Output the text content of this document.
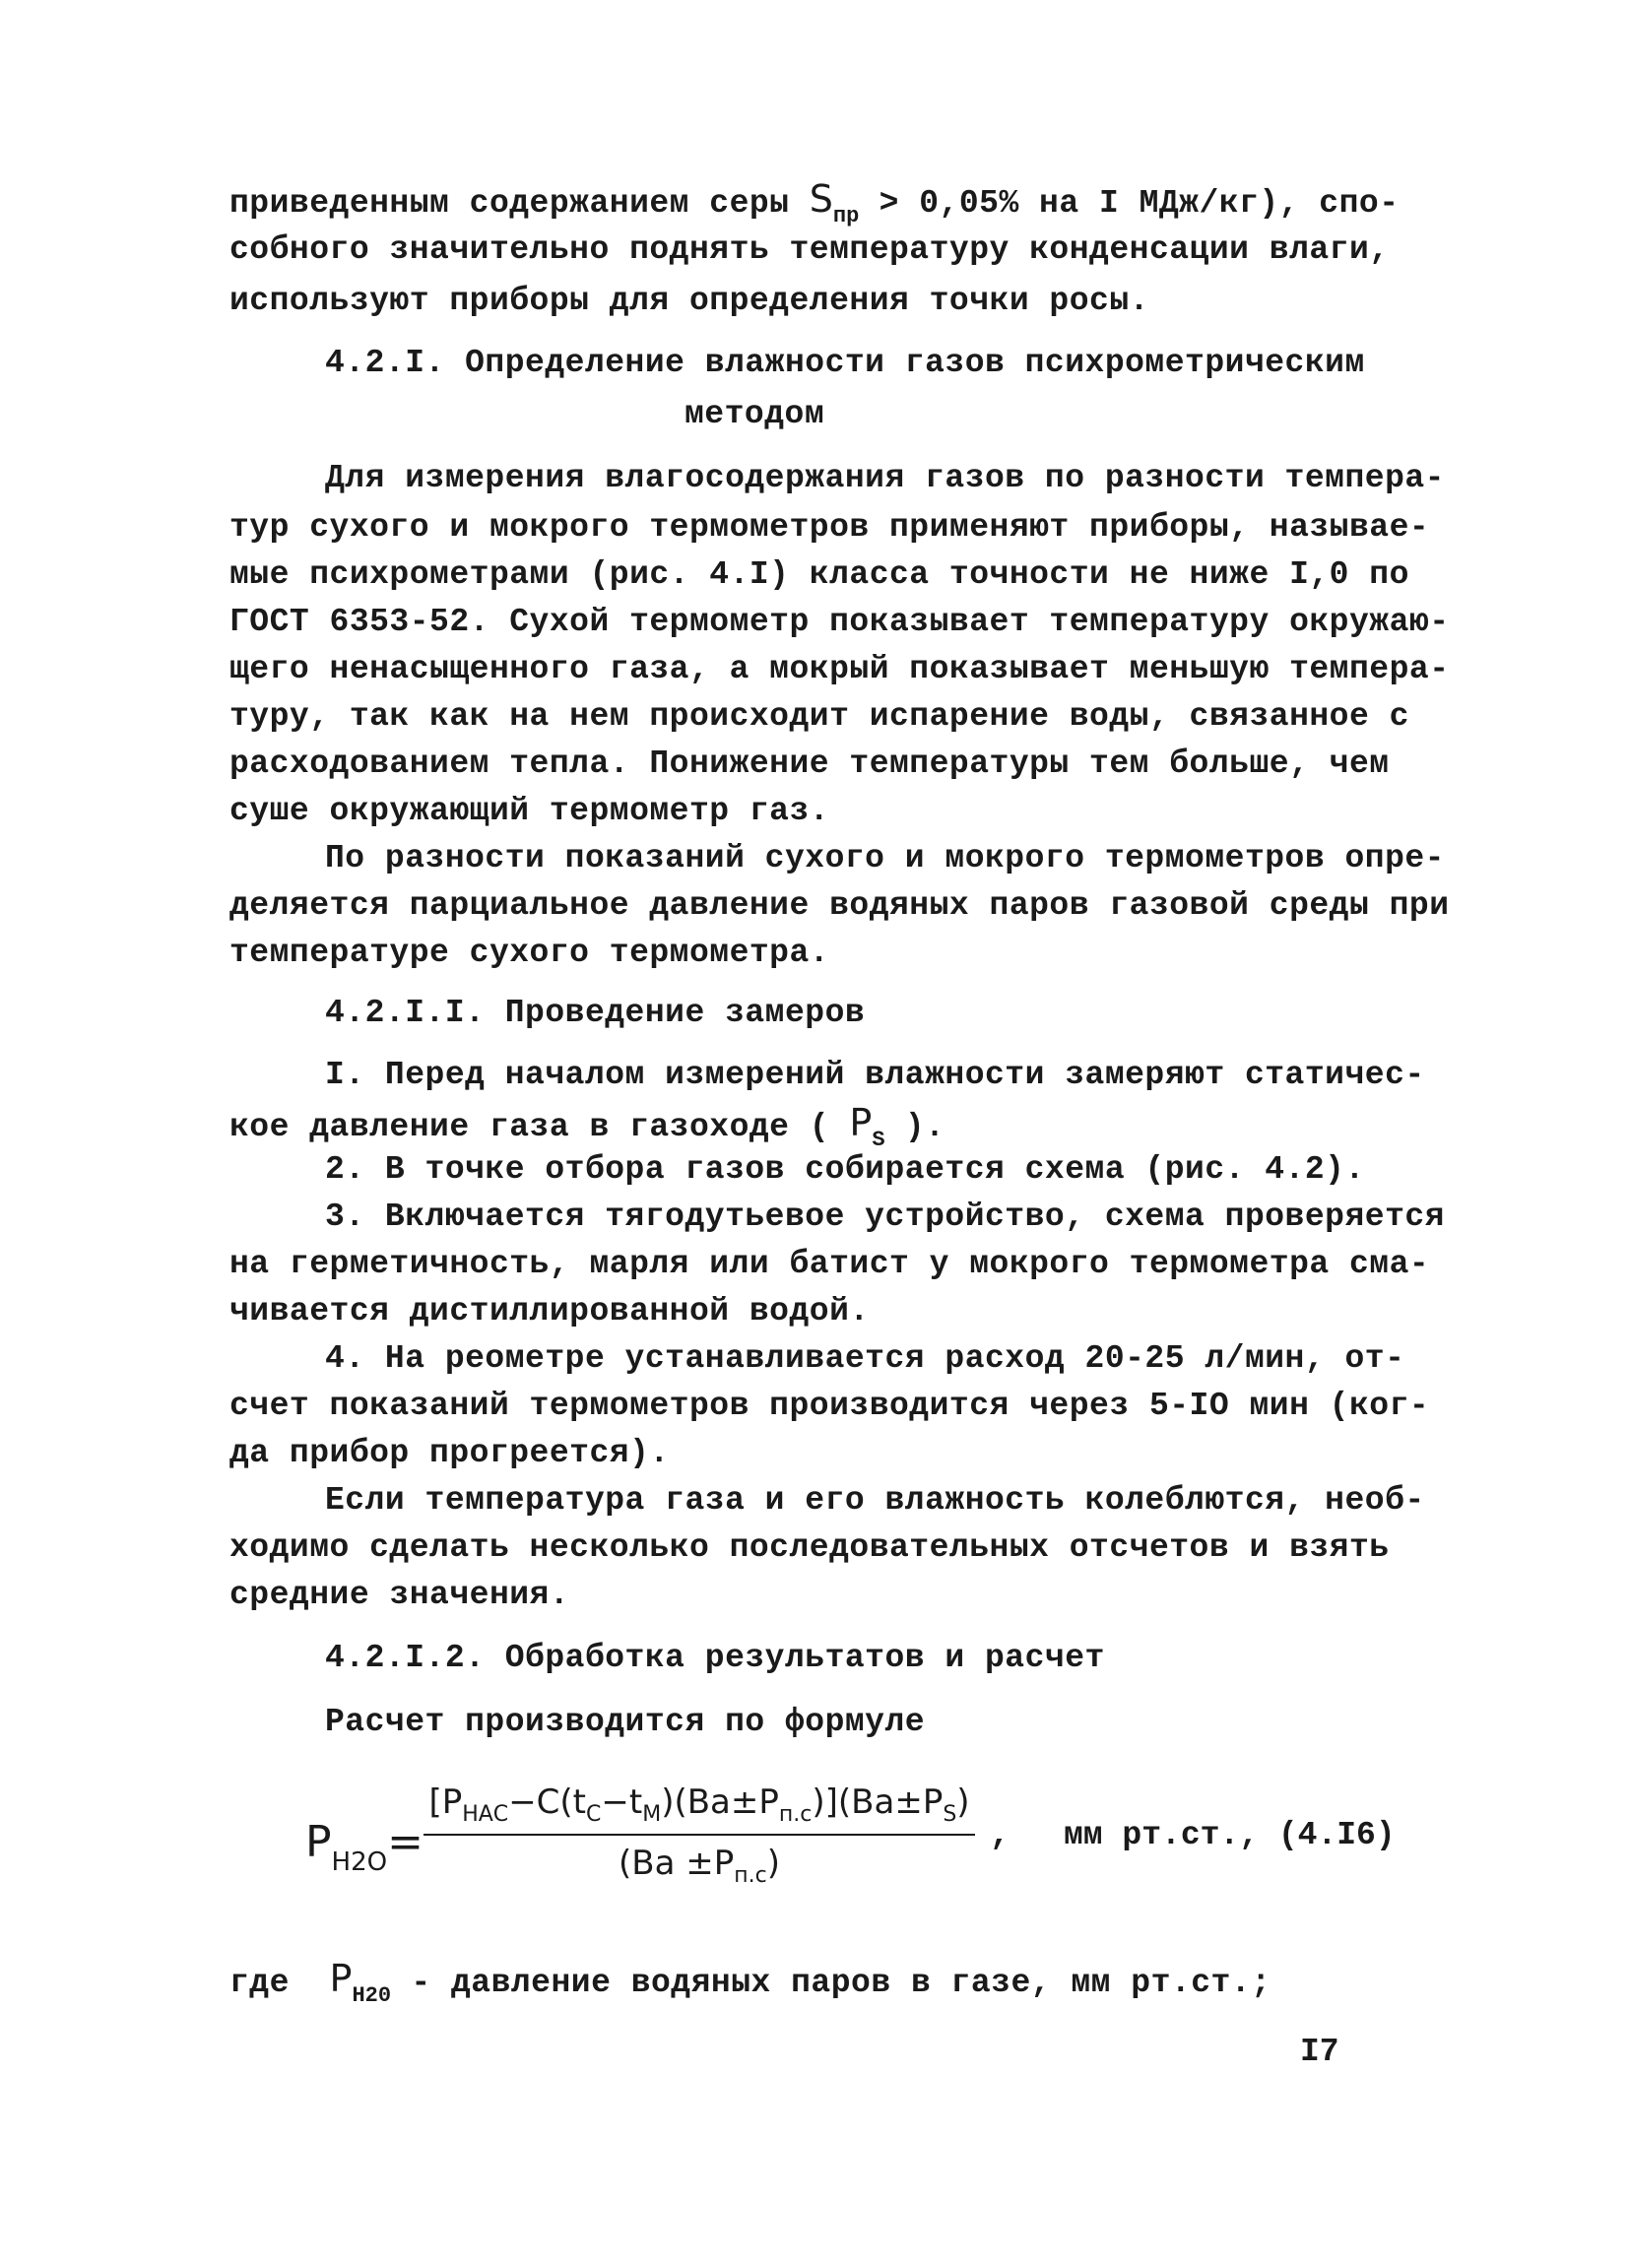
приведенным содержанием серы $S_{пр} > 0,05\%$ на I МДж/кг), спо-
собного значительно поднять температуру конденсации влаги,
используют приборы для определения точки росы.
4.2.I. Определение влажности газов психрометрическим
методом
Для измерения влагосодержания газов по разности темпера-
тур сухого и мокрого термометров применяют приборы, называе-
мые психрометрами (рис. 4.I) класса точности не ниже I,0 по
ГОСТ 6353-52. Сухой термометр показывает температуру окружаю-
щего ненасыщенного газа, а мокрый показывает меньшую темпера-
туру, так как на нем происходит испарение воды, связанное с
расходованием тепла. Понижение температуры тем больше, чем
суше окружающий термометр газ.
По разности показаний сухого и мокрого термометров опре-
деляется парциальное давление водяных паров газовой среды при
температуре сухого термометра.
4.2.I.I. Проведение замеров
I. Перед началом измерений влажности замеряют статичес-
кое давление газа в газоходе ( $P_S$ ).
2. В точке отбора газов собирается схема (рис. 4.2).
3. Включается тягодутьевое устройство, схема проверяется
на герметичность, марля или батист у мокрого термометра сма-
чивается дистиллированной водой.
4. На реометре устанавливается расход 20-25 л/мин, от-
счет показаний термометров производится через 5-IO мин (ког-
да прибор прогреется).
Если температура газа и его влажность колеблются, необ-
ходимо сделать несколько последовательных отсчетов и взять
средние значения.
4.2.I.2. Обработка результатов и расчет
Расчет производится по формуле
$P_{H2O}=$
$[P_{НАС}-C(t_C-t_М)(Ba\pm P_{п.с})](Ba\pm P_S)$
$(Ba \pm P_{п.с})$
, мм рт.ст., (4.I6)
где  $P_{H20}$ - давление водяных паров в газе, мм рт.ст.;
I7
